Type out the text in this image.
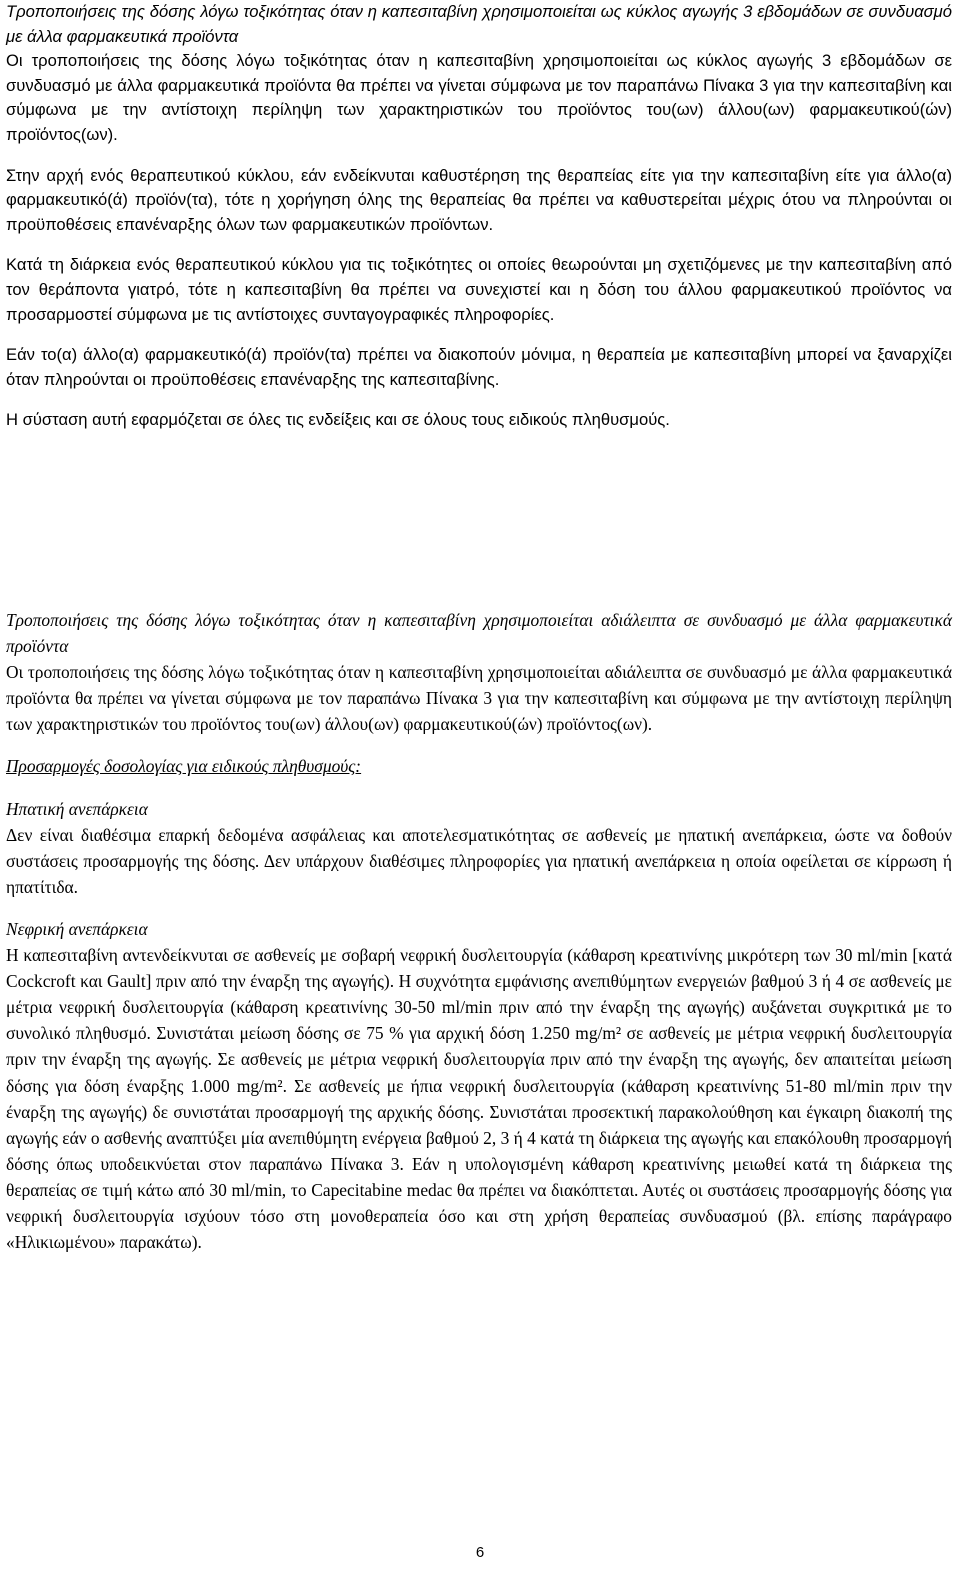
Τροποποιήσεις της δόσης λόγω τοξικότητας όταν η καπεσιταβίνη χρησιμοποιείται ως κύκλος αγωγής 3 εβδομάδων σε συνδυασμό με άλλα φαρμακευτικά προϊόντα

Οι τροποποιήσεις της δόσης λόγω τοξικότητας όταν η καπεσιταβίνη χρησιμοποιείται ως κύκλος αγωγής 3 εβδομάδων σε συνδυασμό με άλλα φαρμακευτικά προϊόντα θα πρέπει να γίνεται σύμφωνα με τον παραπάνω Πίνακα 3 για την καπεσιταβίνη και σύμφωνα με την αντίστοιχη περίληψη των χαρακτηριστικών του προϊόντος του(ων) άλλου(ων) φαρμακευτικού(ών) προϊόντος(ων).

Στην αρχή ενός θεραπευτικού κύκλου, εάν ενδείκνυται καθυστέρηση της θεραπείας είτε για την καπεσιταβίνη είτε για άλλο(α) φαρμακευτικό(ά) προϊόν(τα), τότε η χορήγηση όλης της θεραπείας θα πρέπει να καθυστερείται μέχρις ότου να πληρούνται οι προϋποθέσεις επανέναρξης όλων των φαρμακευτικών προϊόντων.

Κατά τη διάρκεια ενός θεραπευτικού κύκλου για τις τοξικότητες οι οποίες θεωρούνται μη σχετιζόμενες με την καπεσιταβίνη από τον θεράποντα γιατρό, τότε η καπεσιταβίνη θα πρέπει να συνεχιστεί και η δόση του άλλου φαρμακευτικού προϊόντος να προσαρμοστεί σύμφωνα με τις αντίστοιχες συνταγογραφικές πληροφορίες.

Εάν το(α) άλλο(α) φαρμακευτικό(ά) προϊόν(τα) πρέπει να διακοπούν μόνιμα, η θεραπεία με καπεσιταβίνη μπορεί να ξαναρχίζει όταν πληρούνται οι προϋποθέσεις επανέναρξης της καπεσιταβίνης.

Η σύσταση αυτή εφαρμόζεται σε όλες τις ενδείξεις και σε όλους τους ειδικούς πληθυσμούς.

Τροποποιήσεις της δόσης λόγω τοξικότητας όταν η καπεσιταβίνη χρησιμοποιείται αδιάλειπτα σε συνδυασμό με άλλα φαρμακευτικά προϊόντα

Οι τροποποιήσεις της δόσης λόγω τοξικότητας όταν η καπεσιταβίνη χρησιμοποιείται αδιάλειπτα σε συνδυασμό με άλλα φαρμακευτικά προϊόντα θα πρέπει να γίνεται σύμφωνα με τον παραπάνω Πίνακα 3 για την καπεσιταβίνη και σύμφωνα με την αντίστοιχη περίληψη των χαρακτηριστικών του προϊόντος του(ων) άλλου(ων) φαρμακευτικού(ών) προϊόντος(ων).

Προσαρμογές δοσολογίας για ειδικούς πληθυσμούς:

Ηπατική ανεπάρκεια

Δεν είναι διαθέσιμα επαρκή δεδομένα ασφάλειας και αποτελεσματικότητας σε ασθενείς με ηπατική ανεπάρκεια, ώστε να δοθούν συστάσεις προσαρμογής της δόσης. Δεν υπάρχουν διαθέσιμες πληροφορίες για ηπατική ανεπάρκεια η οποία οφείλεται σε κίρρωση ή ηπατίτιδα.

Νεφρική ανεπάρκεια

Η καπεσιταβίνη αντενδείκνυται σε ασθενείς με σοβαρή νεφρική δυσλειτουργία (κάθαρση κρεατινίνης μικρότερη των 30 ml/min [κατά Cockcroft και Gault] πριν από την έναρξη της αγωγής). Η συχνότητα εμφάνισης ανεπιθύμητων ενεργειών βαθμού 3 ή 4 σε ασθενείς με μέτρια νεφρική δυσλειτουργία (κάθαρση κρεατινίνης 30-50 ml/min πριν από την έναρξη της αγωγής) αυξάνεται συγκριτικά με το συνολικό πληθυσμό. Συνιστάται μείωση δόσης σε 75 % για αρχική δόση 1.250 mg/m² σε ασθενείς με μέτρια νεφρική δυσλειτουργία πριν την έναρξη της αγωγής. Σε ασθενείς με μέτρια νεφρική δυσλειτουργία πριν από την έναρξη της αγωγής, δεν απαιτείται μείωση δόσης για δόση έναρξης 1.000 mg/m². Σε ασθενείς με ήπια νεφρική δυσλειτουργία (κάθαρση κρεατινίνης 51-80 ml/min πριν την έναρξη της αγωγής) δε συνιστάται προσαρμογή της αρχικής δόσης. Συνιστάται προσεκτική παρακολούθηση και έγκαιρη διακοπή της αγωγής εάν ο ασθενής αναπτύξει μία ανεπιθύμητη ενέργεια βαθμού 2, 3 ή 4 κατά τη διάρκεια της αγωγής και επακόλουθη προσαρμογή δόσης όπως υποδεικνύεται στον παραπάνω Πίνακα 3. Εάν η υπολογισμένη κάθαρση κρεατινίνης μειωθεί κατά τη διάρκεια της θεραπείας σε τιμή κάτω από 30 ml/min, το Capecitabine medac θα πρέπει να διακόπτεται. Αυτές οι συστάσεις προσαρμογής δόσης για νεφρική δυσλειτουργία ισχύουν τόσο στη μονοθεραπεία όσο και στη χρήση θεραπείας συνδυασμού (βλ. επίσης παράγραφο «Ηλικιωμένου» παρακάτω).

6
